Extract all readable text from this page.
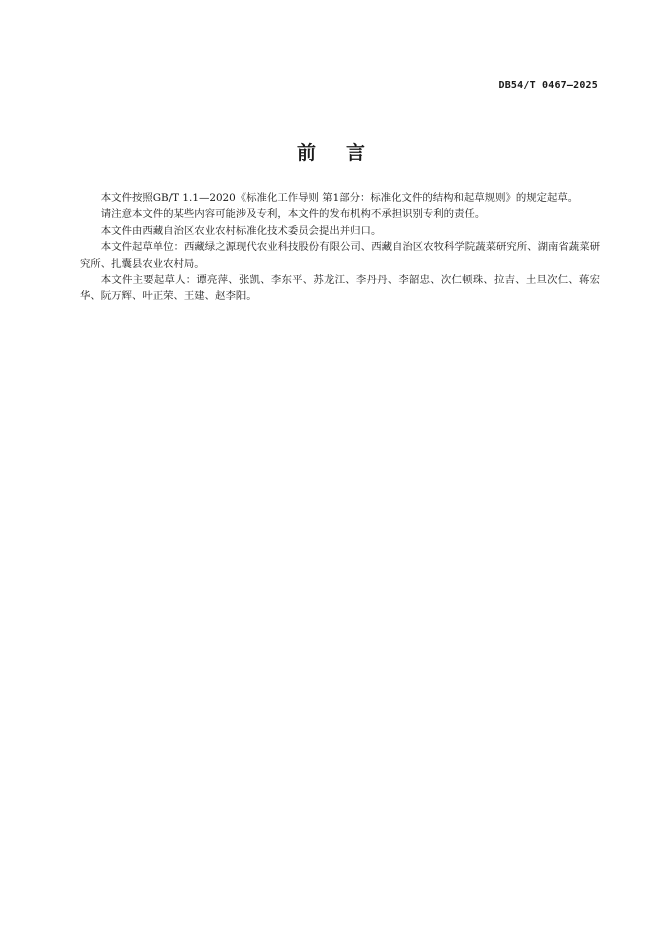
DB54/T 0467—2025
前言

本文件按照GB/T 1.1—2020《标准化工作导则 第1部分：标准化文件的结构和起草规则》的规定起草。

请注意本文件的某些内容可能涉及专利，本文件的发布机构不承担识别专利的责任。

本文件由西藏自治区农业农村标准化技术委员会提出并归口。

本文件起草单位：西藏绿之源现代农业科技股份有限公司、西藏自治区农牧科学院蔬菜研究所、湖南省蔬菜研究所、扎囊县农业农村局。

本文件主要起草人：谭亮萍、张凯、李东平、苏龙江、李丹丹、李韶忠、次仁顿珠、拉吉、土旦次仁、蒋宏华、阮万辉、叶正荣、王建、赵李阳。
